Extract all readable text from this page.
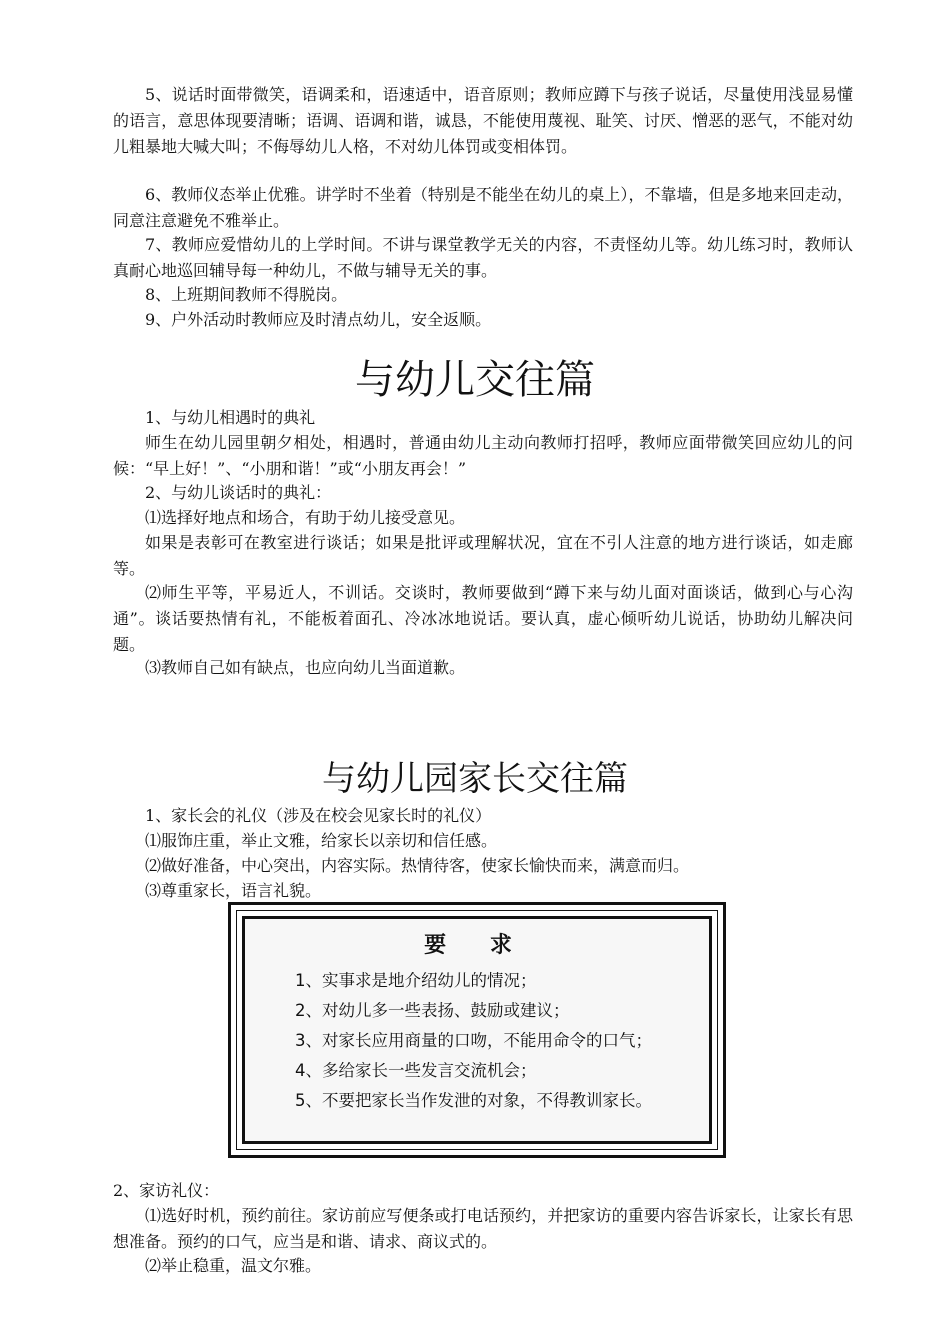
5、说话时面带微笑，语调柔和，语速适中，语音原则；教师应蹲下与孩子说话，尽量使用浅显易懂的语言，意思体现要清晰；语调、语调和谐，诚恳，不能使用蔑视、耻笑、讨厌、憎恶的恶气，不能对幼儿粗暴地大喊大叫；不侮辱幼儿人格，不对幼儿体罚或变相体罚。

6、教师仪态举止优雅。讲学时不坐着（特别是不能坐在幼儿的桌上），不靠墙，但是多地来回走动，同意注意避免不雅举止。

7、教师应爱惜幼儿的上学时间。不讲与课堂教学无关的内容，不责怪幼儿等。幼儿练习时，教师认真耐心地巡回辅导每一种幼儿，不做与辅导无关的事。

8、上班期间教师不得脱岗。

9、户外活动时教师应及时清点幼儿，安全返顺。

与幼儿交往篇

1、与幼儿相遇时的典礼

师生在幼儿园里朝夕相处，相遇时，普通由幼儿主动向教师打招呼，教师应面带微笑回应幼儿的问候：“早上好！”、“小朋和谐！”或“小朋友再会！”

2、与幼儿谈话时的典礼：

⑴选择好地点和场合，有助于幼儿接受意见。

如果是表彰可在教室进行谈话；如果是批评或理解状况，宜在不引人注意的地方进行谈话，如走廊等。

⑵师生平等，平易近人，不训话。交谈时，教师要做到“蹲下来与幼儿面对面谈话，做到心与心沟通”。谈话要热情有礼，不能板着面孔、冷冰冰地说话。要认真，虚心倾听幼儿说话，协助幼儿解决问题。

⑶教师自己如有缺点，也应向幼儿当面道歉。

与幼儿园家长交往篇

1、家长会的礼仪（涉及在校会见家长时的礼仪）

⑴服饰庄重，举止文雅，给家长以亲切和信任感。

⑵做好准备，中心突出，内容实际。热情待客，使家长愉快而来，满意而归。

⑶尊重家长，语言礼貌。

要 求

1、实事求是地介绍幼儿的情况；

2、对幼儿多一些表扬、鼓励或建议；

3、对家长应用商量的口吻，不能用命令的口气；

4、多给家长一些发言交流机会；

5、不要把家长当作发泄的对象，不得教训家长。

2、家访礼仪：

⑴选好时机，预约前往。家访前应写便条或打电话预约，并把家访的重要内容告诉家长，让家长有思想准备。预约的口气，应当是和谐、请求、商议式的。

⑵举止稳重，温文尔雅。
